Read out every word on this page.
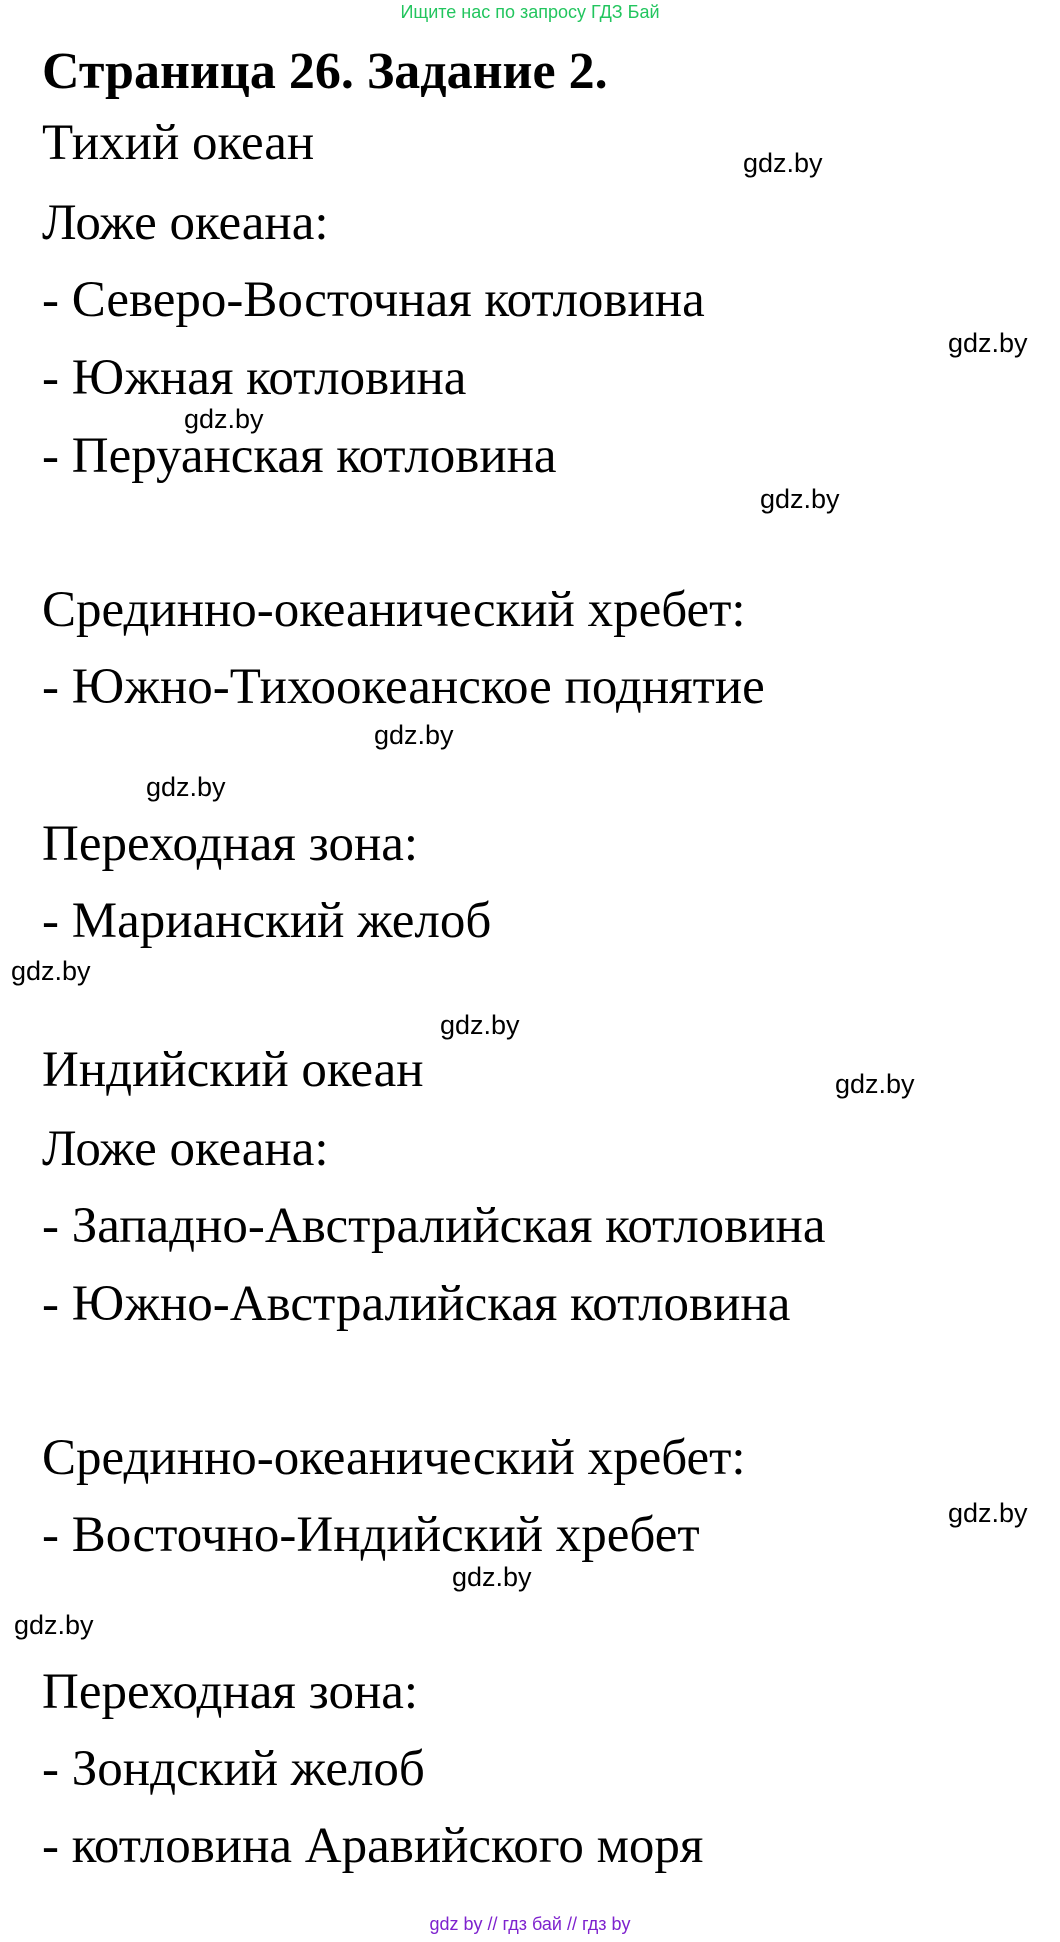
Ищите нас по запросу ГДЗ Бай
Страница 26. Задание 2.
Тихий океан
Ложе океана:
- Северо-Восточная котловина
- Южная котловина
- Перуанская котловина
Срединно-океанический хребет:
- Южно-Тихоокеанское поднятие
Переходная зона:
- Марианский желоб
Индийский океан
Ложе океана:
- Западно-Австралийская котловина
- Южно-Австралийская котловина
Срединно-океанический хребет:
- Восточно-Индийский хребет
Переходная зона:
- Зондский желоб
- котловина Аравийского моря
gdz.by
gdz.by
gdz.by
gdz.by
gdz.by
gdz.by
gdz.by
gdz.by
gdz.by
gdz.by
gdz.by
gdz.by
gdz by // гдз бай // гдз by
